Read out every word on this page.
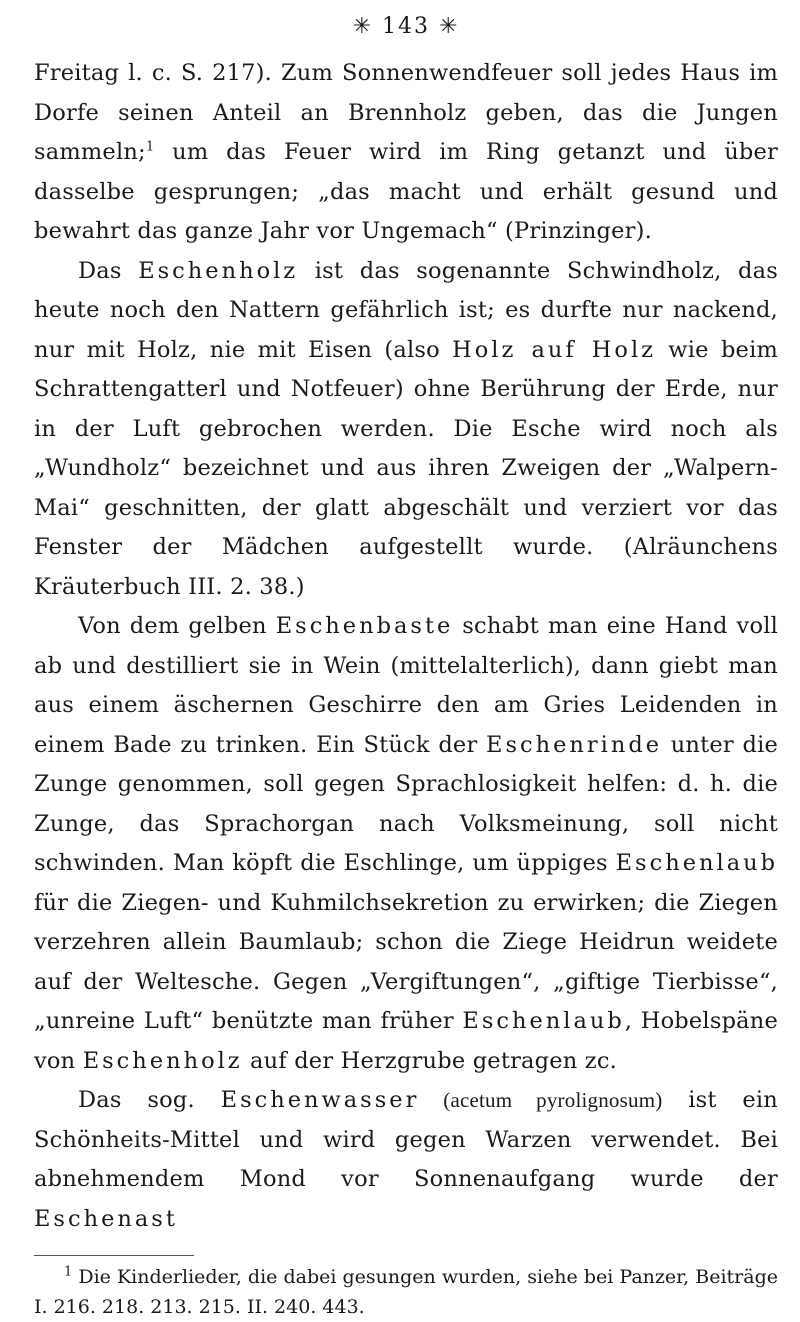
✳ 143 ✳

Freitag l. c. S. 217). Zum Sonnenwendfeuer soll jedes Haus im Dorfe seinen Anteil an Brennholz geben, das die Jungen sammeln;$^1$ um das Feuer wird im Ring getanzt und über dasselbe gesprungen; „das macht und erhält gesund und bewahrt das ganze Jahr vor Ungemach“ (Prinzinger).

Das Eschenholz ist das sogenannte Schwindholz, das heute noch den Nattern gefährlich ist; es durfte nur nackend, nur mit Holz, nie mit Eisen (also Holz auf Holz wie beim Schrattengatterl und Notfeuer) ohne Berührung der Erde, nur in der Luft gebrochen werden. Die Esche wird noch als „Wundholz“ bezeichnet und aus ihren Zweigen der „Walpern-Mai“ geschnitten, der glatt abgeschält und verziert vor das Fenster der Mädchen aufgestellt wurde. (Alräunchens Kräuterbuch III. 2. 38.)

Von dem gelben Eschenbaste schabt man eine Hand voll ab und destilliert sie in Wein (mittelalterlich), dann giebt man aus einem äschernen Geschirre den am Gries Leidenden in einem Bade zu trinken. Ein Stück der Eschenrinde unter die Zunge genommen, soll gegen Sprachlosigkeit helfen: d. h. die Zunge, das Sprachorgan nach Volksmeinung, soll nicht schwinden. Man köpft die Eschlinge, um üppiges Eschenlaub für die Ziegen- und Kuhmilchsekretion zu erwirken; die Ziegen verzehren allein Baumlaub; schon die Ziege Heidrun weidete auf der Weltesche. Gegen „Vergiftungen“, „giftige Tierbisse“, „unreine Luft“ benützte man früher Eschenlaub, Hobelspäne von Eschenholz auf der Herzgrube getragen zc.

Das sog. Eschenwasser (acetum pyrolignosum) ist ein Schönheits-Mittel und wird gegen Warzen verwendet. Bei abnehmendem Mond vor Sonnenaufgang wurde der Eschenast

$^1$ Die Kinderlieder, die dabei gesungen wurden, siehe bei Panzer, Beiträge I. 216. 218. 213. 215. II. 240. 443.
